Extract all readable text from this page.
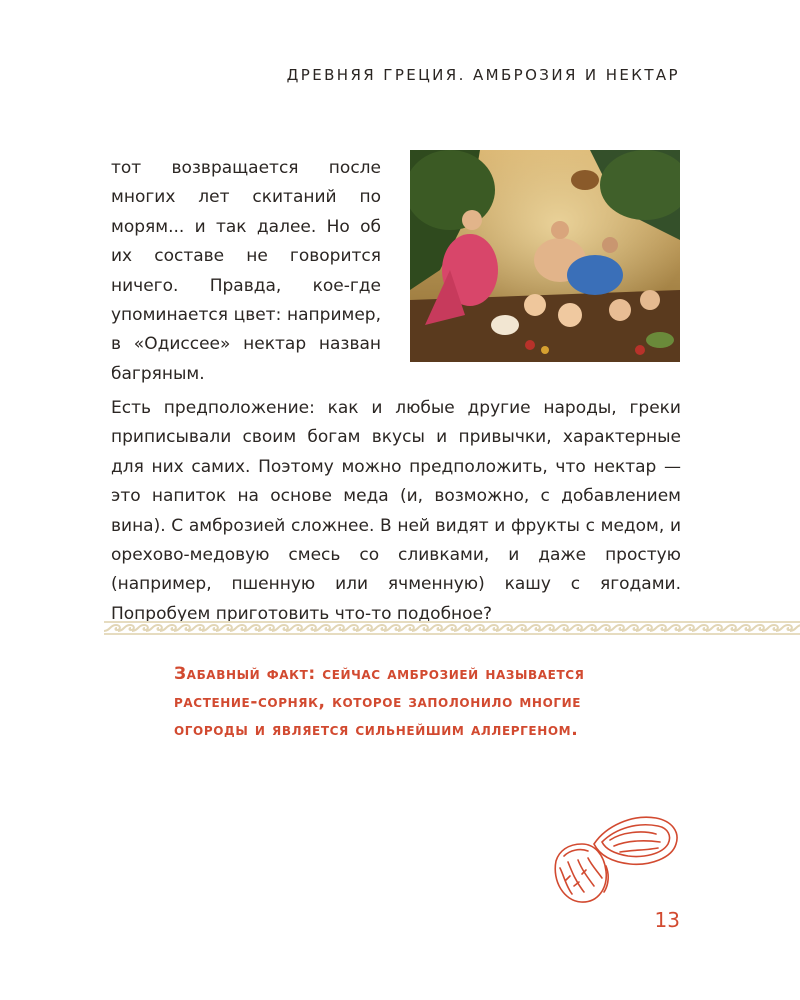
ДРЕВНЯЯ ГРЕЦИЯ. АМБРОЗИЯ И НЕКТАР

тот возвращается после многих лет скитаний по морям... и так далее. Но об их составе не говорится ничего. Правда, кое-где упоминается цвет: например, в «Одиссее» нектар назван багряным.

Есть предположение: как и любые другие народы, греки приписывали своим богам вкусы и привычки, характерные для них самих. Поэтому можно предположить, что нектар — это напиток на основе меда (и, возможно, с добавлением вина). С амброзией сложнее. В ней видят и фрукты с медом, и орехово-медовую смесь со сливками, и даже простую (например, пшенную или ячменную) кашу с ягодами. Попробуем приготовить что-то подобное?

Забавный факт: сейчас амброзией называется
растение-сорняк, которое заполонило многие
огороды и является сильнейшим аллергеном.
13
